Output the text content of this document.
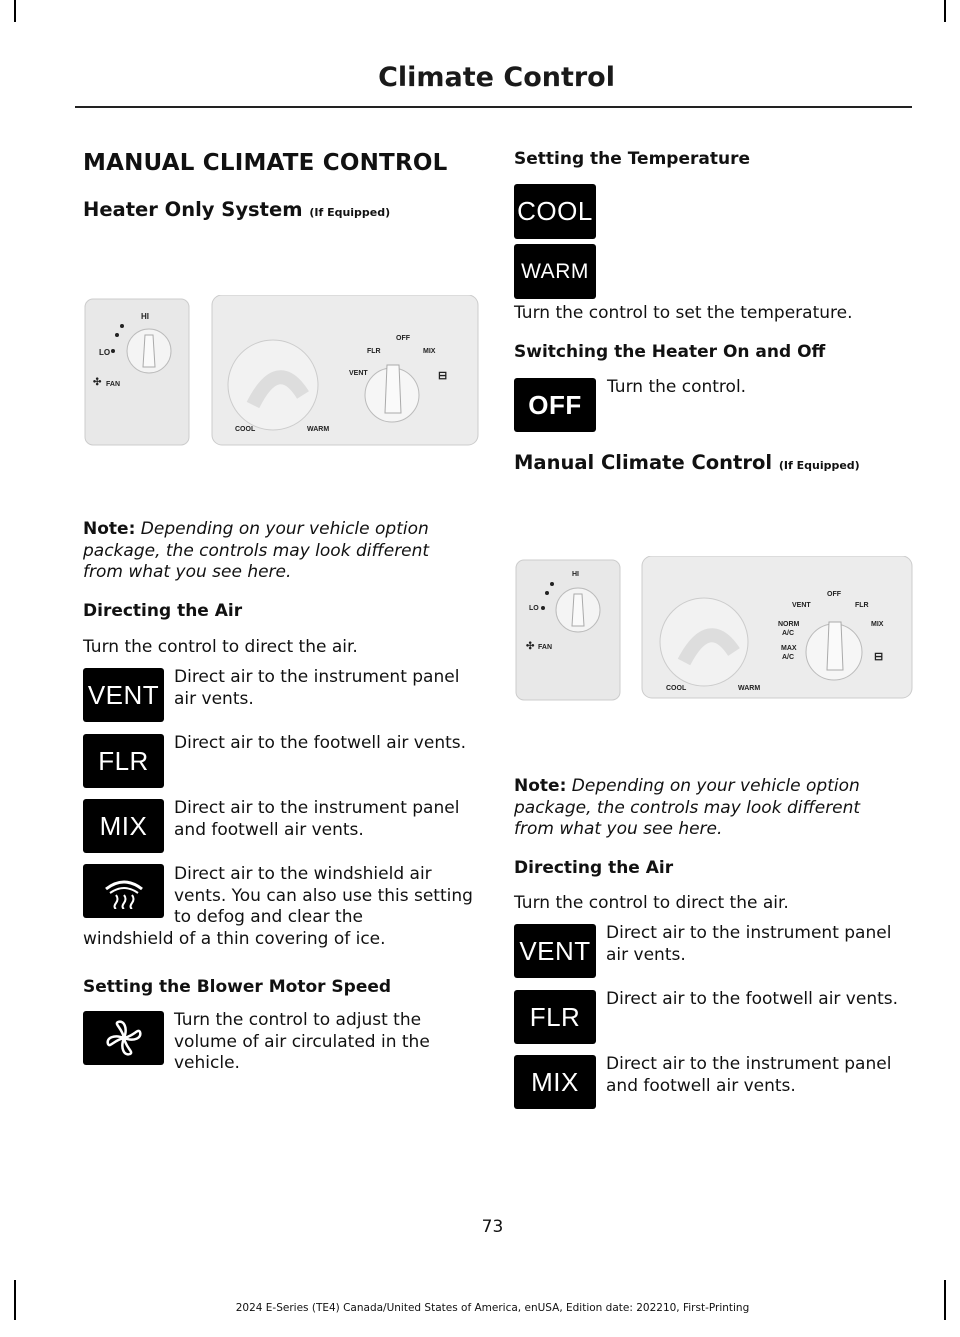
Climate Control
MANUAL CLIMATE CONTROL
Heater Only System (If Equipped)
HI
LO
✣ FAN
OFF
FLR	MIX
VENT	⊟
COOL	WARM

Note: Depending on your vehicle option package, the controls may look different from what you see here.

Directing the Air

Turn the control to direct the air.

VENT
Direct air to the instrument panel air vents.
FLR
Direct air to the footwell air vents.
MIX
Direct air to the instrument panel and footwell air vents.
Direct air to the windshield air vents. You can also use this setting to defog and clear the
windshield of a thin covering of ice.
Setting the Blower Motor Speed
Turn the control to adjust the volume of air circulated in the vehicle.
Setting the Temperature
COOL
WARM

Turn the control to set the temperature.

Switching the Heater On and Off
OFF
Turn the control.
Manual Climate Control (If Equipped)
HI
LO
✣ FAN
OFF
VENT	FLR
NORM
A/C
MIX
MAX
A/C	⊟
COOL	WARM

Note: Depending on your vehicle option package, the controls may look different from what you see here.

Directing the Air

Turn the control to direct the air.

VENT
Direct air to the instrument panel air vents.
FLR
Direct air to the footwell air vents.
MIX
Direct air to the instrument panel and footwell air vents.
73
2024 E-Series (TE4) Canada/United States of America, enUSA, Edition date: 202210, First-Printing
